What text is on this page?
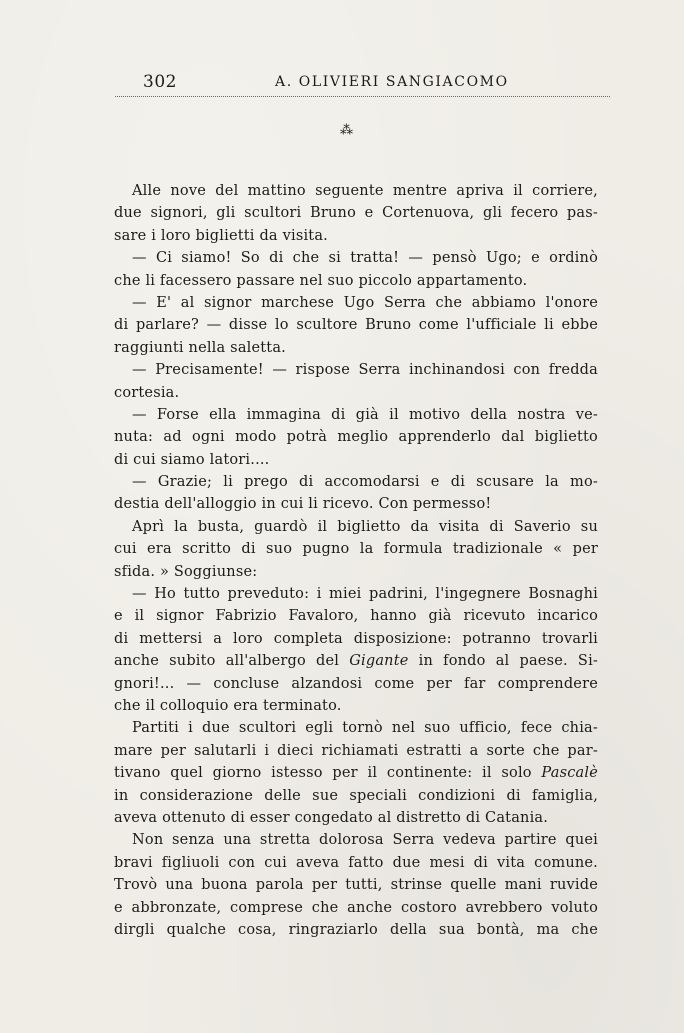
302	A. OLIVIERI SANGIACOMO
⁂
Alle nove del mattino seguente mentre apriva il corriere,
due signori, gli scultori Bruno e Cortenuova, gli fecero pas-
sare i loro biglietti da visita.
— Ci siamo! So di che si tratta! — pensò Ugo; e ordinò
che li facessero passare nel suo piccolo appartamento.
— E' al signor marchese Ugo Serra che abbiamo l'onore
di parlare? — disse lo scultore Bruno come l'ufficiale li ebbe
raggiunti nella saletta.
— Precisamente! — rispose Serra inchinandosi con fredda
cortesia.
— Forse ella immagina di già il motivo della nostra ve-
nuta: ad ogni modo potrà meglio apprenderlo dal biglietto
di cui siamo latori....
— Grazie; li prego di accomodarsi e di scusare la mo-
destia dell'alloggio in cui li ricevo. Con permesso!
Aprì la busta, guardò il biglietto da visita di Saverio su
cui era scritto di suo pugno la formula tradizionale « per
sfida. » Soggiunse:
— Ho tutto preveduto: i miei padrini, l'ingegnere Bosnaghi
e il signor Fabrizio Favaloro, hanno già ricevuto incarico
di mettersi a loro completa disposizione: potranno trovarli
anche subito all'albergo del Gigante in fondo al paese. Si-
gnori!... — concluse alzandosi come per far comprendere
che il colloquio era terminato.
Partiti i due scultori egli tornò nel suo ufficio, fece chia-
mare per salutarli i dieci richiamati estratti a sorte che par-
tivano quel giorno istesso per il continente: il solo Pascalè
in considerazione delle sue speciali condizioni di famiglia,
aveva ottenuto di esser congedato al distretto di Catania.
Non senza una stretta dolorosa Serra vedeva partire quei
bravi figliuoli con cui aveva fatto due mesi di vita comune.
Trovò una buona parola per tutti, strinse quelle mani ruvide
e abbronzate, comprese che anche costoro avrebbero voluto
dirgli qualche cosa, ringraziarlo della sua bontà, ma che
